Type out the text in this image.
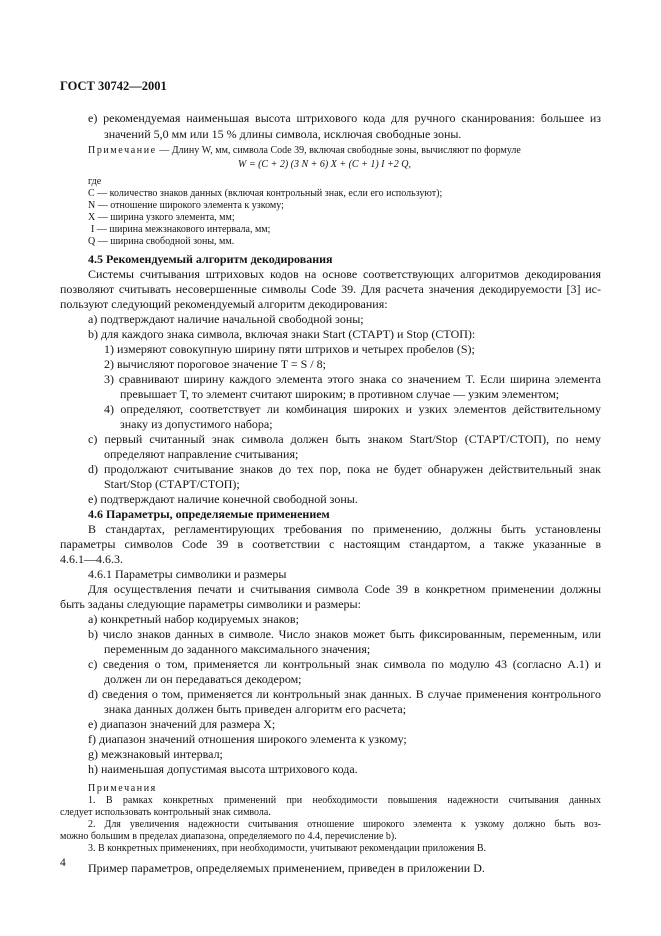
ГОСТ 30742—2001
е) рекомендуемая наименьшая высота штрихового кода для ручного сканирования: большее из
значений 5,0 мм или 15 % длины символа, исключая свободные зоны.
Примечание — Длину W, мм, символа Code 39, включая свободные зоны, вычисляют по формуле
W = (C + 2) (3 N + 6) X + (C + 1) I +2 Q,
где
C — количество знаков данных (включая контрольный знак, если его используют);
N — отношение широкого элемента к узкому;
X — ширина узкого элемента, мм;
I — ширина межзнакового интервала, мм;
Q — ширина свободной зоны, мм.
4.5 Рекомендуемый алгоритм декодирования
Системы считывания штриховых кодов на основе соответствующих алгоритмов декодирования
позволяют считывать несовершенные символы Code 39. Для расчета значения декодируемости [3] ис-
пользуют следующий рекомендуемый алгоритм декодирования:
a) подтверждают наличие начальной свободной зоны;
b) для каждого знака символа, включая знаки Start (СТАРТ) и Stop (СТОП):
1) измеряют совокупную ширину пяти штрихов и четырех пробелов (S);
2) вычисляют пороговое значение T = S / 8;
3) сравнивают ширину каждого элемента этого знака со значением T. Если ширина элемента
превышает T, то элемент считают широким; в противном случае — узким элементом;
4) определяют, соответствует ли комбинация широких и узких элементов действительному
знаку из допустимого набора;
c) первый считанный знак символа должен быть знаком Start/Stop (СТАРТ/СТОП), по нему
определяют направление считывания;
d) продолжают считывание знаков до тех пор, пока не будет обнаружен действительный знак
Start/Stop (СТАРТ/СТОП);
e) подтверждают наличие конечной свободной зоны.
4.6 Параметры, определяемые применением
В стандартах, регламентирующих требования по применению, должны быть установлены
параметры символов Code 39 в соответствии с настоящим стандартом, а также указанные в
4.6.1—4.6.3.
4.6.1 Параметры символики и размеры
Для осуществления печати и считывания символа Code 39 в конкретном применении должны
быть заданы следующие параметры символики и размеры:
a) конкретный набор кодируемых знаков;
b) число знаков данных в символе. Число знаков может быть фиксированным, переменным, или
переменным до заданного максимального значения;
c) сведения о том, применяется ли контрольный знак символа по модулю 43 (согласно А.1) и
должен ли он передаваться декодером;
d) сведения о том, применяется ли контрольный знак данных. В случае применения контрольного
знака данных должен быть приведен алгоритм его расчета;
e) диапазон значений для размера X;
f) диапазон значений отношения широкого элемента к узкому;
g) межзнаковый интервал;
h) наименьшая допустимая высота штрихового кода.
Примечания
1. В рамках конкретных применений при необходимости повышения надежности считывания данных
следует использовать контрольный знак символа.
2. Для увеличения надежности считывания отношение широкого элемента к узкому должно быть воз-
можно большим в пределах диапазона, определяемого по 4.4, перечисление b).
3. В конкретных применениях, при необходимости, учитывают рекомендации приложения В.
Пример параметров, определяемых применением, приведен в приложении D.
4
